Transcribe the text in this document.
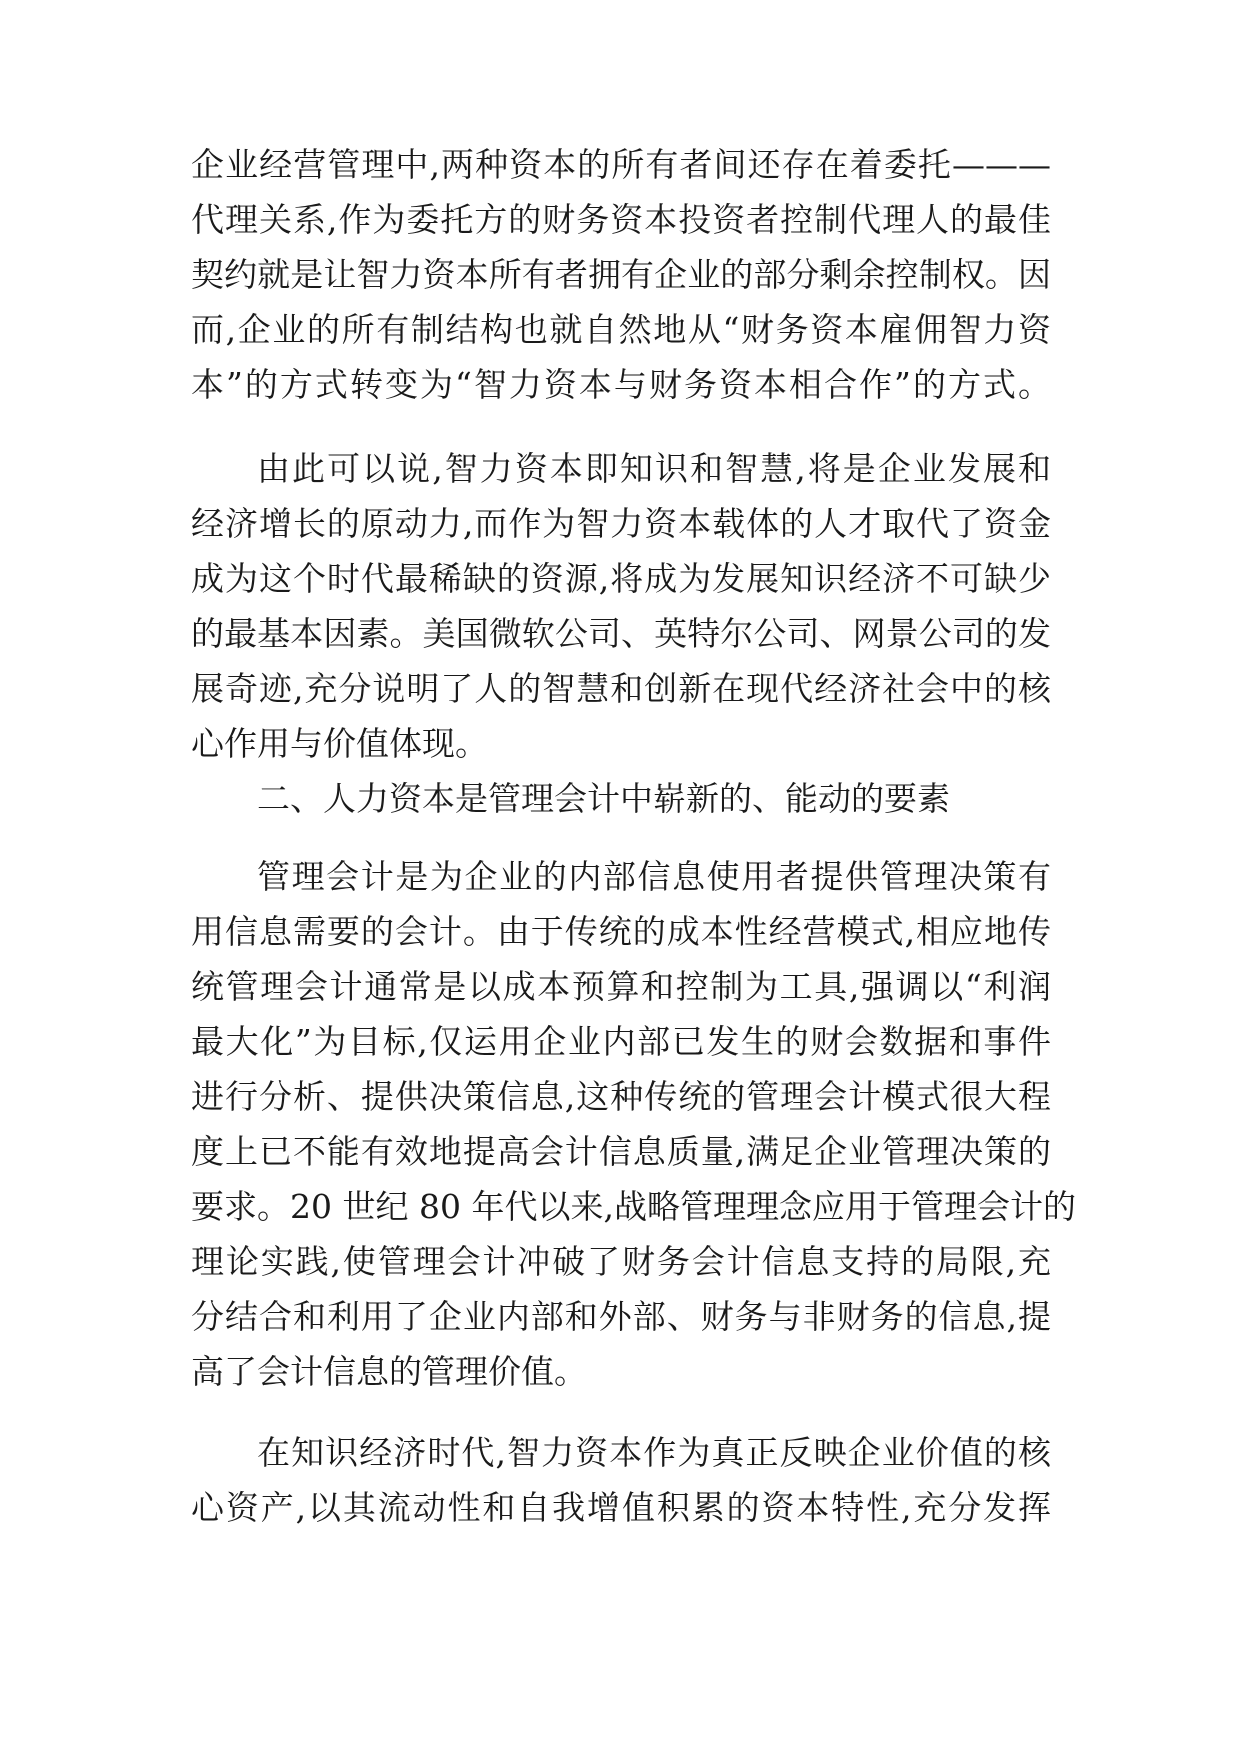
企业经营管理中,两种资本的所有者间还存在着委托———
代理关系,作为委托方的财务资本投资者控制代理人的最佳
契约就是让智力资本所有者拥有企业的部分剩余控制权。因
而,企业的所有制结构也就自然地从“财务资本雇佣智力资
本”的方式转变为“智力资本与财务资本相合作”的方式。
由此可以说,智力资本即知识和智慧,将是企业发展和
经济增长的原动力,而作为智力资本载体的人才取代了资金
成为这个时代最稀缺的资源,将成为发展知识经济不可缺少
的最基本因素。美国微软公司、英特尔公司、网景公司的发
展奇迹,充分说明了人的智慧和创新在现代经济社会中的核
心作用与价值体现。
二、人力资本是管理会计中崭新的、能动的要素
管理会计是为企业的内部信息使用者提供管理决策有
用信息需要的会计。由于传统的成本性经营模式,相应地传
统管理会计通常是以成本预算和控制为工具,强调以“利润
最大化”为目标,仅运用企业内部已发生的财会数据和事件
进行分析、提供决策信息,这种传统的管理会计模式很大程
度上已不能有效地提高会计信息质量,满足企业管理决策的
要求。20 世纪 80 年代以来,战略管理理念应用于管理会计的
理论实践,使管理会计冲破了财务会计信息支持的局限,充
分结合和利用了企业内部和外部、财务与非财务的信息,提
高了会计信息的管理价值。
在知识经济时代,智力资本作为真正反映企业价值的核
心资产,以其流动性和自我增值积累的资本特性,充分发挥
